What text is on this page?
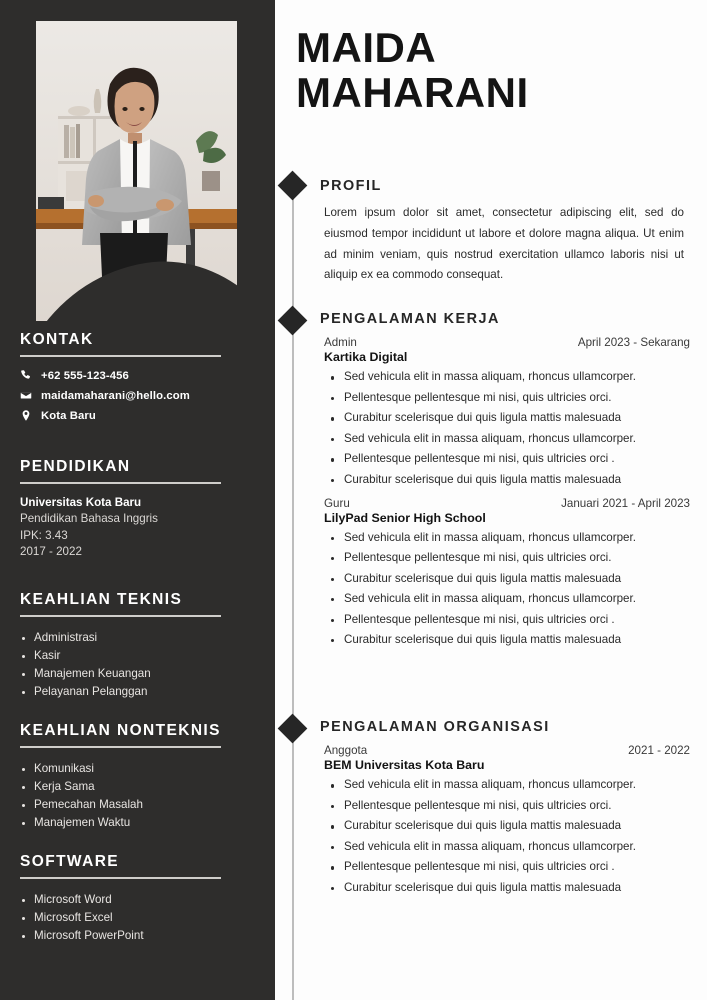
KONTAK
+62 555-123-456
maidamaharani@hello.com
Kota Baru
PENDIDIKAN
Universitas Kota Baru
Pendidikan Bahasa Inggris
IPK: 3.43
2017 - 2022
KEAHLIAN TEKNIS
Administrasi
Kasir
Manajemen Keuangan
Pelayanan Pelanggan
KEAHLIAN NONTEKNIS
Komunikasi
Kerja Sama
Pemecahan Masalah
Manajemen Waktu
SOFTWARE
Microsoft Word
Microsoft Excel
Microsoft PowerPoint
MAIDA
MAHARANI
PROFIL

Lorem ipsum dolor sit amet, consectetur adipiscing elit, sed do eiusmod tempor incididunt ut labore et dolore magna aliqua. Ut enim ad minim veniam, quis nostrud exercitation ullamco laboris nisi ut aliquip ex ea commodo consequat.

PENGALAMAN KERJA
Admin	April 2023 - Sekarang
Kartika Digital
Sed vehicula elit in massa aliquam, rhoncus ullamcorper.
Pellentesque pellentesque mi nisi, quis ultricies orci.
Curabitur scelerisque dui quis ligula mattis malesuada
Sed vehicula elit in massa aliquam, rhoncus ullamcorper.
Pellentesque pellentesque mi nisi, quis ultricies orci .
Curabitur scelerisque dui quis ligula mattis malesuada
Guru	Januari 2021 - April 2023
LilyPad Senior High School
Sed vehicula elit in massa aliquam, rhoncus ullamcorper.
Pellentesque pellentesque mi nisi, quis ultricies orci.
Curabitur scelerisque dui quis ligula mattis malesuada
Sed vehicula elit in massa aliquam, rhoncus ullamcorper.
Pellentesque pellentesque mi nisi, quis ultricies orci .
Curabitur scelerisque dui quis ligula mattis malesuada
PENGALAMAN ORGANISASI
Anggota	2021 - 2022
BEM Universitas Kota Baru
Sed vehicula elit in massa aliquam, rhoncus ullamcorper.
Pellentesque pellentesque mi nisi, quis ultricies orci.
Curabitur scelerisque dui quis ligula mattis malesuada
Sed vehicula elit in massa aliquam, rhoncus ullamcorper.
Pellentesque pellentesque mi nisi, quis ultricies orci .
Curabitur scelerisque dui quis ligula mattis malesuada
